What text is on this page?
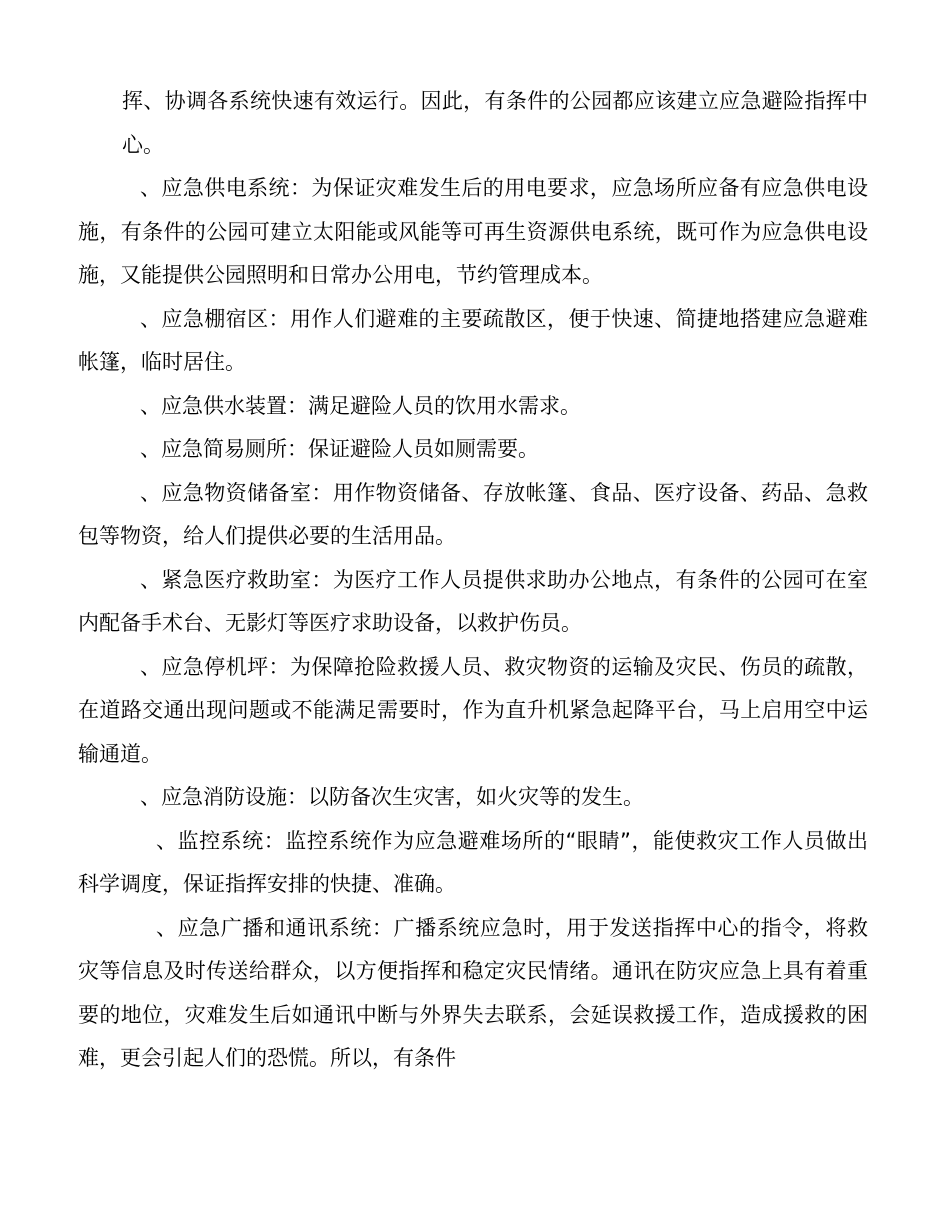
挥、协调各系统快速有效运行。因此，有条件的公园都应该建立应急避险指挥中心。

、应急供电系统：为保证灾难发生后的用电要求，应急场所应备有应急供电设施，有条件的公园可建立太阳能或风能等可再生资源供电系统，既可作为应急供电设施，又能提供公园照明和日常办公用电，节约管理成本。

、应急棚宿区：用作人们避难的主要疏散区，便于快速、简捷地搭建应急避难帐篷，临时居住。

、应急供水装置：满足避险人员的饮用水需求。

、应急简易厕所：保证避险人员如厕需要。

、应急物资储备室：用作物资储备、存放帐篷、食品、医疗设备、药品、急救包等物资，给人们提供必要的生活用品。

、紧急医疗救助室：为医疗工作人员提供求助办公地点，有条件的公园可在室内配备手术台、无影灯等医疗求助设备，以救护伤员。

、应急停机坪：为保障抢险救援人员、救灾物资的运输及灾民、伤员的疏散，在道路交通出现问题或不能满足需要时，作为直升机紧急起降平台，马上启用空中运输通道。

、应急消防设施：以防备次生灾害，如火灾等的发生。

、监控系统：监控系统作为应急避难场所的“眼睛”，能使救灾工作人员做出科学调度，保证指挥安排的快捷、准确。

、应急广播和通讯系统：广播系统应急时，用于发送指挥中心的指令，将救灾等信息及时传送给群众，以方便指挥和稳定灾民情绪。通讯在防灾应急上具有着重要的地位，灾难发生后如通讯中断与外界失去联系，会延误救援工作，造成援救的困难，更会引起人们的恐慌。所以，有条件
